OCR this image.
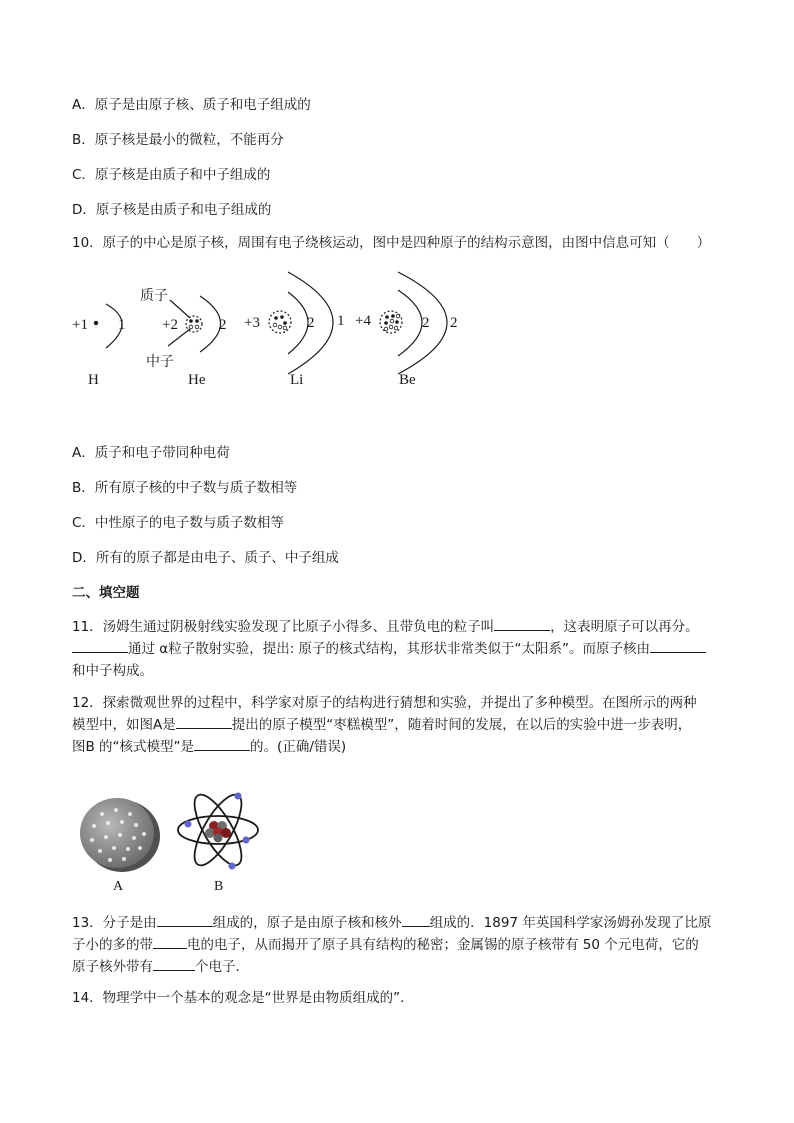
A．原子是由原子核、质子和电子组成的
B．原子核是最小的微粒，不能再分
C．原子核是由质子和中子组成的
D．原子核是由质子和电子组成的
10．原子的中心是原子核，周围有电子绕核运动，图中是四种原子的结构示意图，由图中信息可知（　　）
+1 1 +2	2 +3	2 1 +4	2 2
H	He	Li	Be
质子
中子
A．质子和电子带同种电荷
B．所有原子核的中子数与质子数相等
C．中性原子的电子数与质子数相等
D．所有的原子都是由电子、质子、中子组成
二、填空题
11．汤姆生通过阴极射线实验发现了比原子小得多、且带负电的粒子叫	，这表明原子可以再分。
通过 α粒子散射实验，提出: 原子的核式结构，其形状非常类似于“太阳系”。而原子核由
和中子构成。
12．探索微观世界的过程中，科学家对原子的结构进行猜想和实验，并提出了多种模型。在图所示的两种
模型中，如图A是	提出的原子模型“枣糕模型”，随着时间的发展，在以后的实验中进一步表明，
图B 的“核式模型”是	的。(正确/错误)
A	B
13．分子是由	组成的，原子是由原子核和核外 组成的．1897 年英国科学家汤姆孙发现了比原
子小的多的带	电的电子，从而揭开了原子具有结构的秘密；金属锡的原子核带有 50 个元电荷，它的
原子核外带有	个电子．
14．物理学中一个基本的观念是“世界是由物质组成的”．
